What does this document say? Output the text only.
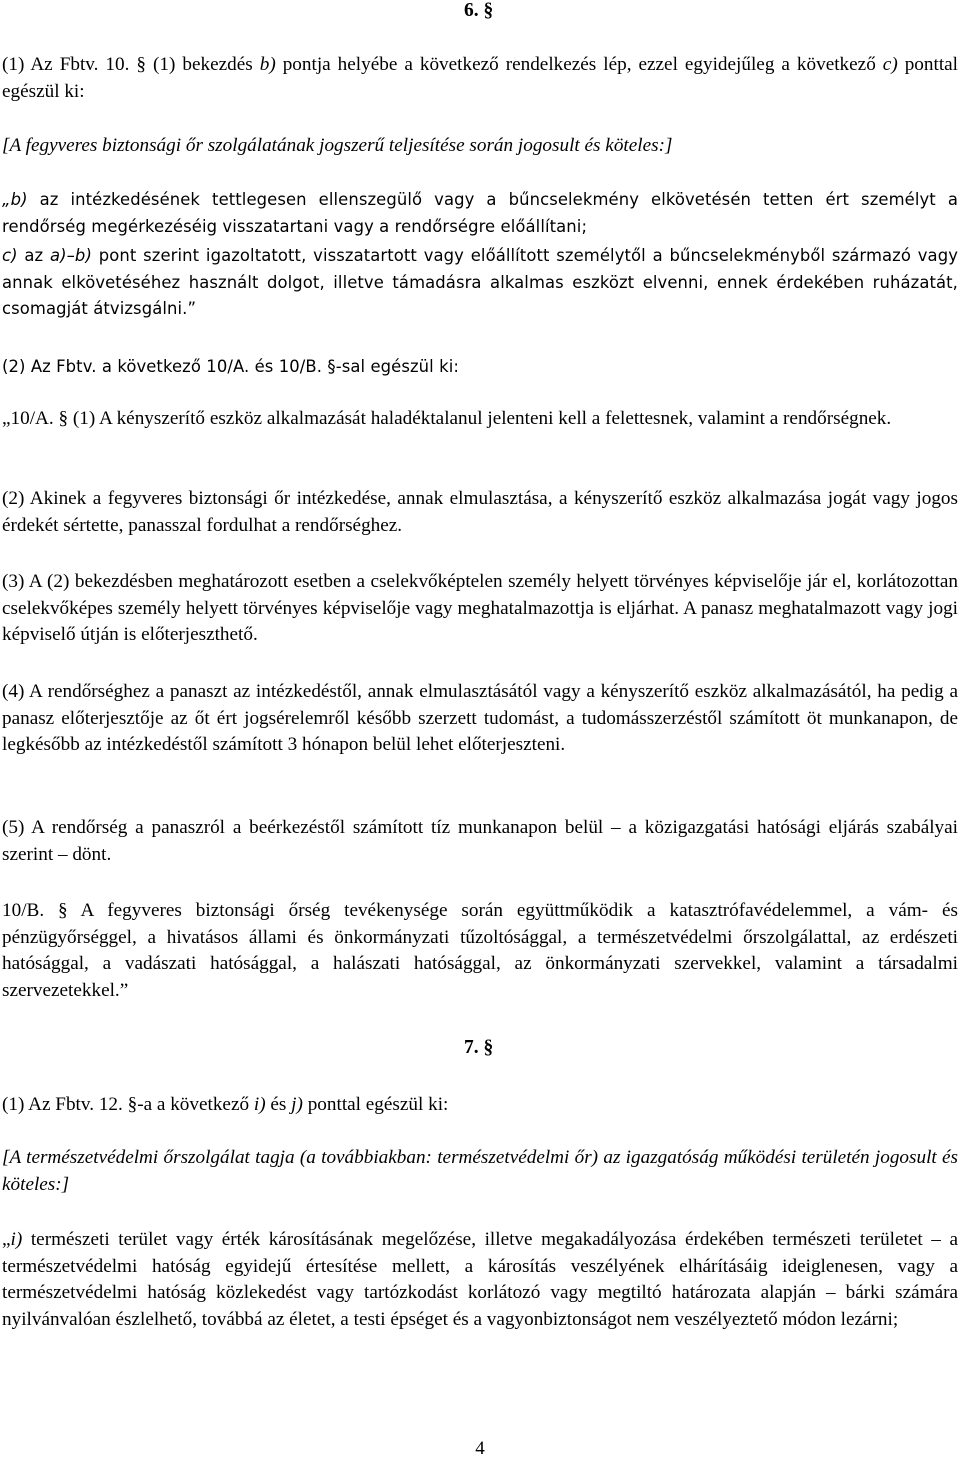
6. §
(1) Az Fbtv. 10. § (1) bekezdés b) pontja helyébe a következő rendelkezés lép, ezzel egyidejűleg a következő c) ponttal egészül ki:
[A fegyveres biztonsági őr szolgálatának jogszerű teljesítése során jogosult és köteles:]
„b) az intézkedésének tettlegesen ellenszegülő vagy a bűncselekmény elkövetésén tetten ért személyt a rendőrség megérkezéséig visszatartani vagy a rendőrségre előállítani;
c) az a)–b) pont szerint igazoltatott, visszatartott vagy előállított személytől a bűncselekményből származó vagy annak elkövetéséhez használt dolgot, illetve támadásra alkalmas eszközt elvenni, ennek érdekében ruházatát, csomagját átvizsgálni.”
(2) Az Fbtv. a következő 10/A. és 10/B. §-sal egészül ki:
„10/A. § (1) A kényszerítő eszköz alkalmazását haladéktalanul jelenteni kell a felettesnek, valamint a rendőrségnek.
(2) Akinek a fegyveres biztonsági őr intézkedése, annak elmulasztása, a kényszerítő eszköz alkalmazása jogát vagy jogos érdekét sértette, panasszal fordulhat a rendőrséghez.
(3) A (2) bekezdésben meghatározott esetben a cselekvőképtelen személy helyett törvényes képviselője jár el, korlátozottan cselekvőképes személy helyett törvényes képviselője vagy meghatalmazottja is eljárhat. A panasz meghatalmazott vagy jogi képviselő útján is előterjeszthető.
(4) A rendőrséghez a panaszt az intézkedéstől, annak elmulasztásától vagy a kényszerítő eszköz alkalmazásától, ha pedig a panasz előterjesztője az őt ért jogsérelemről később szerzett tudomást, a tudomásszerzéstől számított öt munkanapon, de legkésőbb az intézkedéstől számított 3 hónapon belül lehet előterjeszteni.
(5) A rendőrség a panaszról a beérkezéstől számított tíz munkanapon belül – a közigazgatási hatósági eljárás szabályai szerint – dönt.
10/B. § A fegyveres biztonsági őrség tevékenysége során együttműködik a katasztrófavédelemmel, a vám- és pénzügyőrséggel, a hivatásos állami és önkormányzati tűzoltósággal, a természetvédelmi őrszolgálattal, az erdészeti hatósággal, a vadászati hatósággal, a halászati hatósággal, az önkormányzati szervekkel, valamint a társadalmi szervezetekkel.”
7. §
(1) Az Fbtv. 12. §-a a következő i) és j) ponttal egészül ki:
[A természetvédelmi őrszolgálat tagja (a továbbiakban: természetvédelmi őr) az igazgatóság működési területén jogosult és köteles:]
„i) természeti terület vagy érték károsításának megelőzése, illetve megakadályozása érdekében természeti területet – a természetvédelmi hatóság egyidejű értesítése mellett, a károsítás veszélyének elhárításáig ideiglenesen, vagy a természetvédelmi hatóság közlekedést vagy tartózkodást korlátozó vagy megtiltó határozata alapján – bárki számára nyilvánvalóan észlelhető, továbbá az életet, a testi épséget és a vagyonbiztonságot nem veszélyeztető módon lezárni;
4
